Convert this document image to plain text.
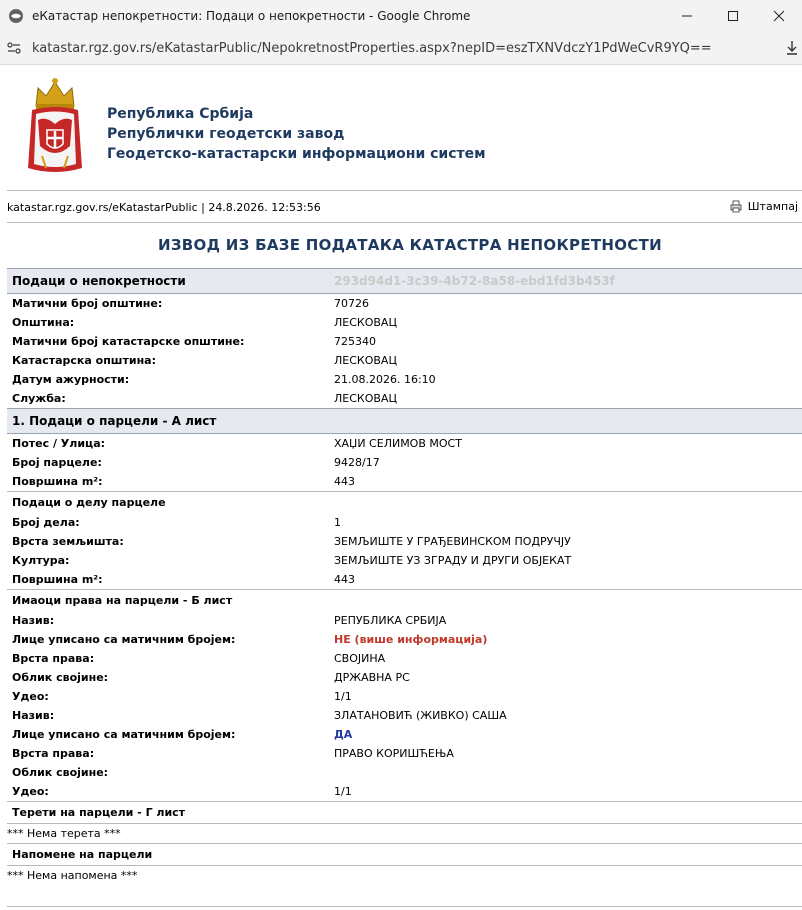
еКатастар непокретности: Подаци о непокретности - Google Chrome
katastar.rgz.gov.rs/eKatastarPublic/NepokretnostProperties.aspx?nepID=eszTXNVdczY1PdWeCvR9YQ==
Република Србија
Републички геодетски завод
Геодетско-катастарски информациони систем
katastar.rgz.gov.rs/eKatastarPublic | 24.8.2026. 12:53:56	Штампај
ИЗВОД ИЗ БАЗЕ ПОДАТАКА КАТАСТРА НЕПОКРЕТНОСТИ
Подаци о непокретности	293d94d1-3c39-4b72-8a58-ebd1fd3b453f
Матични број општине:	70726
Општина:	ЛЕСКОВАЦ
Матични број катастарске општине:	725340
Катастарска општина:	ЛЕСКОВАЦ
Датум ажурности:	21.08.2026. 16:10
Служба:	ЛЕСКОВАЦ
1. Подаци о парцели - А лист
Потес / Улица:	ХАЏИ СЕЛИМОВ МОСТ
Број парцеле:	9428/17
Површина m²:	443
Подаци о делу парцеле
Број дела:	1
Врста земљишта:	ЗЕМЉИШТЕ У ГРАЂЕВИНСКОМ ПОДРУЧЈУ
Култура:	ЗЕМЉИШТЕ УЗ ЗГРАДУ И ДРУГИ ОБЈЕКАТ
Површина m²:	443
Имаоци права на парцели - Б лист
Назив:	РЕПУБЛИКА СРБИЈА
Лице уписано са матичним бројем:	НЕ (више информација)
Врста права:	СВОЈИНА
Облик својине:	ДРЖАВНА РС
Удео:	1/1
Назив:	ЗЛАТАНОВИЋ (ЖИВКО) САША
Лице уписано са матичним бројем:	ДА
Врста права:	ПРАВО КОРИШЋЕЊА
Облик својине:
Удео:	1/1
Терети на парцели - Г лист
*** Нема терета ***
Напомене на парцели
*** Нема напомена ***
